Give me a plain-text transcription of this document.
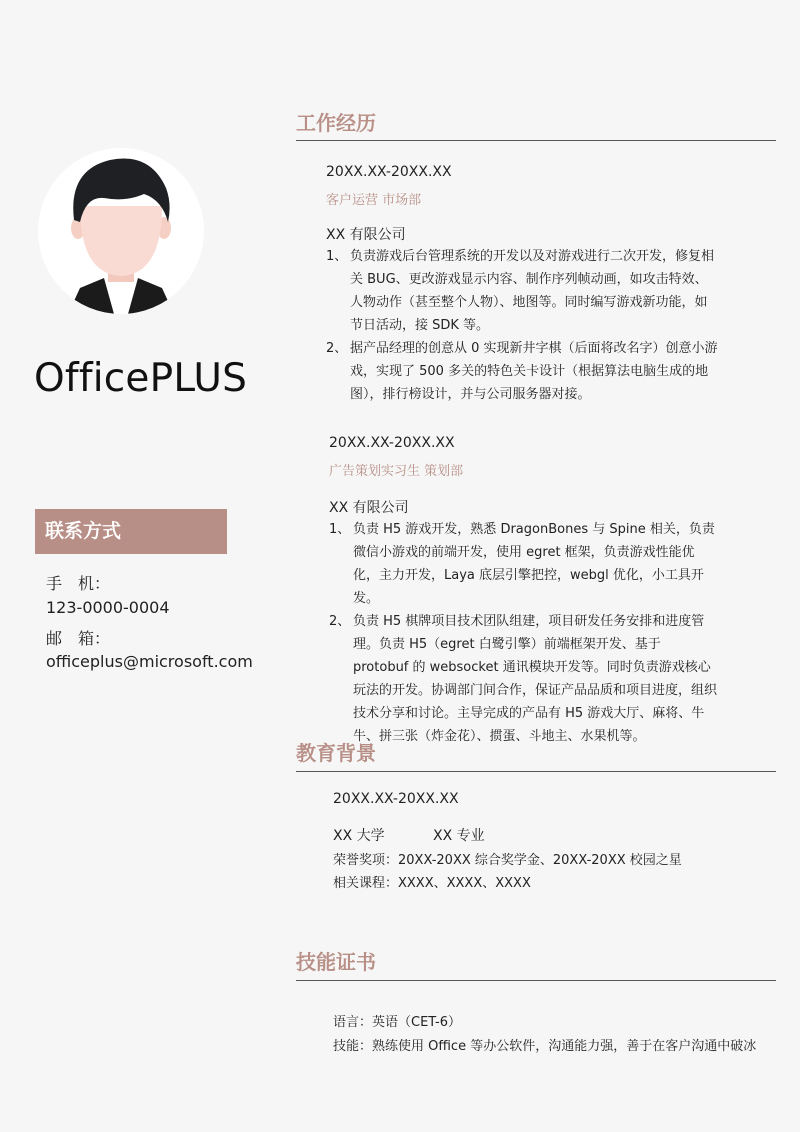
OfficePLUS
联系方式
手　机：
123-0000-0004
邮　箱：
officeplus@microsoft.com
工作经历
20XX.XX-20XX.XX
客户运营 市场部
XX 有限公司
1、 负责游戏后台管理系统的开发以及对游戏进行二次开发，修复相关 BUG、更改游戏显示内容、制作序列帧动画，如攻击特效、人物动作（甚至整个人物）、地图等。同时编写游戏新功能，如节日活动，接 SDK 等。
2、 据产品经理的创意从 0 实现新井字棋（后面将改名字）创意小游戏，实现了 500 多关的特色关卡设计（根据算法电脑生成的地图），排行榜设计，并与公司服务器对接。
20XX.XX-20XX.XX
广告策划实习生 策划部
XX 有限公司
1、 负责 H5 游戏开发，熟悉 DragonBones 与 Spine 相关，负责微信小游戏的前端开发，使用 egret 框架，负责游戏性能优化，主力开发，Laya 底层引擎把控，webgl 优化，小工具开发。
2、 负责 H5 棋牌项目技术团队组建，项目研发任务安排和进度管理。负责 H5（egret 白鹭引擎）前端框架开发、基于 protobuf 的 websocket 通讯模块开发等。同时负责游戏核心玩法的开发。协调部门间合作，保证产品品质和项目进度，组织技术分享和讨论。主导完成的产品有 H5 游戏大厅、麻将、牛牛、拼三张（炸金花）、掼蛋、斗地主、水果机等。
教育背景
20XX.XX-20XX.XX
XX 大学	XX 专业
荣誉奖项：20XX-20XX 综合奖学金、20XX-20XX 校园之星
相关课程：XXXX、XXXX、XXXX
技能证书
语言：英语（CET-6）
技能：熟练使用 Office 等办公软件，沟通能力强，善于在客户沟通中破冰
